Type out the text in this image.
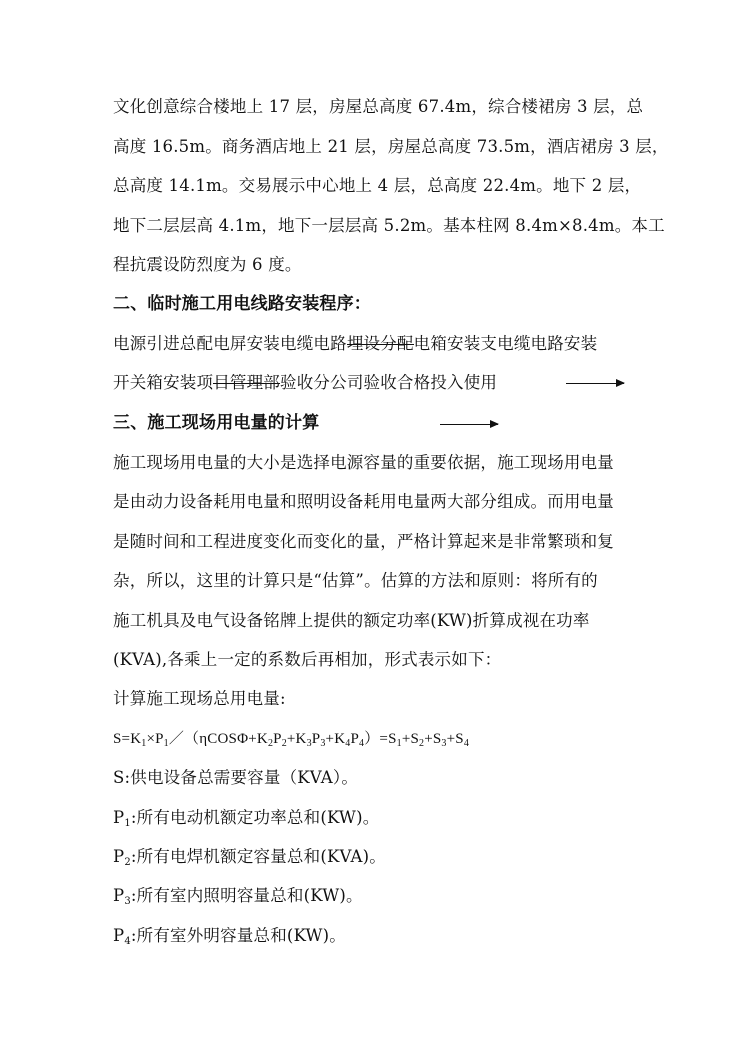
文化创意综合楼地上 17 层，房屋总高度 67.4m，综合楼裙房 3 层，总
高度 16.5m。商务酒店地上 21 层，房屋总高度 73.5m，酒店裙房 3 层，
总高度 14.1m。交易展示中心地上 4 层，总高度 22.4m。地下 2 层，
地下二层层高 4.1m，地下一层层高 5.2m。基本柱网 8.4m×8.4m。本工
程抗震设防烈度为 6 度。
二、临时施工用电线路安装程序：
电源引进总配电屏安装电缆电路埋设分配电箱安装支电缆电路安装
开关箱安装项目管理部验收分公司验收合格投入使用
三、施工现场用电量的计算
施工现场用电量的大小是选择电源容量的重要依据，施工现场用电量
是由动力设备耗用电量和照明设备耗用电量两大部分组成。而用电量
是随时间和工程进度变化而变化的量，严格计算起来是非常繁琐和复
杂，所以，这里的计算只是“估算”。估算的方法和原则：将所有的
施工机具及电气设备铭牌上提供的额定功率(KW)折算成视在功率
(KVA),各乘上一定的系数后再相加，形式表示如下：
计算施工现场总用电量:
$S=K_1\times P_1/(\eta COS\Phi+K_2P_2+K_3P_3+K_4P_4)=S_1+S_2+S_3+S_4$
S:供电设备总需要容量（KVA）。
$P_1$:所有电动机额定功率总和(KW)。
$P_2$:所有电焊机额定容量总和(KVA)。
$P_3$:所有室内照明容量总和(KW)。
$P_4$:所有室外明容量总和(KW)。
